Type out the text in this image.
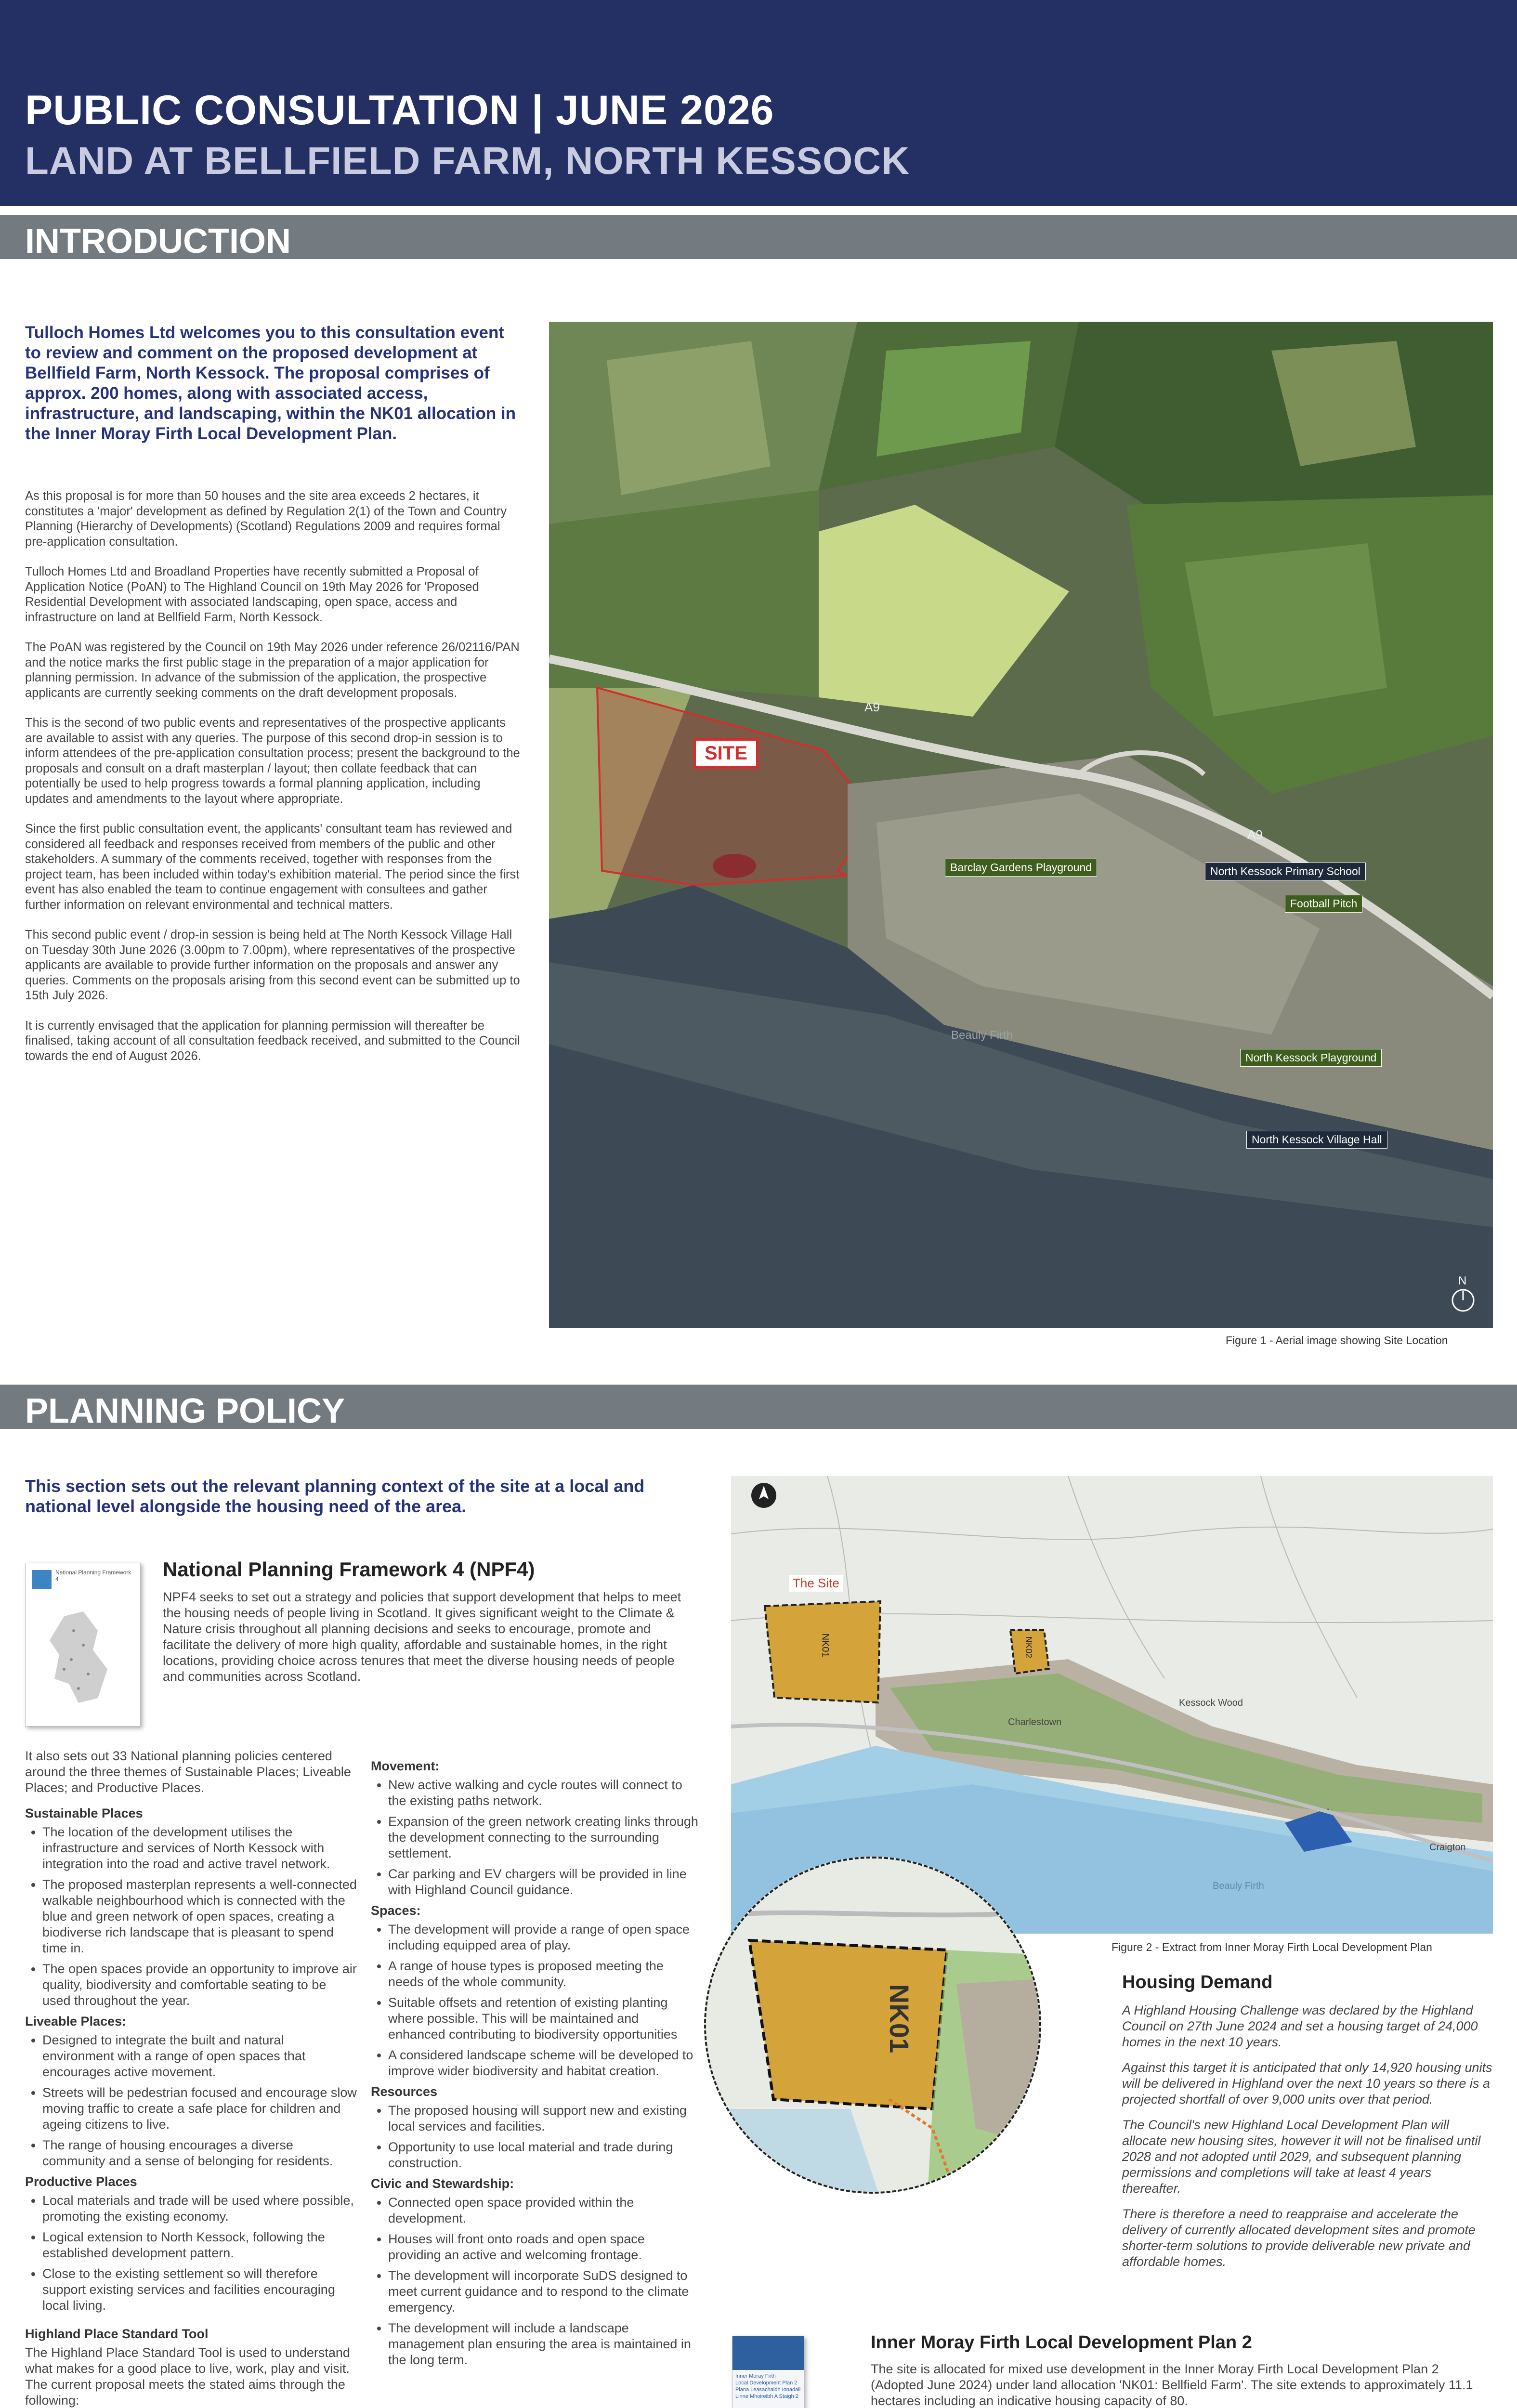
PUBLIC CONSULTATION | JUNE 2026
LAND AT BELLFIELD FARM, NORTH KESSOCK
INTRODUCTION
Tulloch Homes Ltd welcomes you to this consultation event to review and comment on the proposed development at Bellfield Farm, North Kessock. The proposal comprises of approx. 200 homes, along with associated access, infrastructure, and landscaping, within the NK01 allocation in the Inner Moray Firth Local Development Plan.

As this proposal is for more than 50 houses and the site area exceeds 2 hectares, it constitutes a 'major' development as defined by Regulation 2(1) of the Town and Country Planning (Hierarchy of Developments) (Scotland) Regulations 2009 and requires formal pre-application consultation.

Tulloch Homes Ltd and Broadland Properties have recently submitted a Proposal of Application Notice (PoAN) to The Highland Council on 19th May 2026 for 'Proposed Residential Development with associated landscaping, open space, access and infrastructure on land at Bellfield Farm, North Kessock.

The PoAN was registered by the Council on 19th May 2026 under reference 26/02116/PAN and the notice marks the first public stage in the preparation of a major application for planning permission. In advance of the submission of the application, the prospective applicants are currently seeking comments on the draft development proposals.

This is the second of two public events and representatives of the prospective applicants are available to assist with any queries. The purpose of this second drop-in session is to inform attendees of the pre-application consultation process; present the background to the proposals and consult on a draft masterplan / layout; then collate feedback that can potentially be used to help progress towards a formal planning application, including updates and amendments to the layout where appropriate.

Since the first public consultation event, the applicants' consultant team has reviewed and considered all feedback and responses received from members of the public and other stakeholders. A summary of the comments received, together with responses from the project team, has been included within today's exhibition material. The period since the first event has also enabled the team to continue engagement with consultees and gather further information on relevant environmental and technical matters.

This second public event / drop-in session is being held at The North Kessock Village Hall on Tuesday 30th June 2026 (3.00pm to 7.00pm), where representatives of the prospective applicants are available to provide further information on the proposals and answer any queries. Comments on the proposals arising from this second event can be submitted up to 15th July 2026.

It is currently envisaged that the application for planning permission will thereafter be finalised, taking account of all consultation feedback received, and submitted to the Council towards the end of August 2026.

SITE
A9
A9
Barclay Gardens Playground	North Kessock Primary School
Football Pitch
Beauly Firth
North Kessock Playground
North Kessock Village Hall
N
Figure 1 - Aerial image showing Site Location
PLANNING POLICY
This section sets out the relevant planning context of the site at a local and national level alongside the housing need of the area.
National Planning Framework 4	National Planning Framework 4 (NPF4)
NPF4 seeks to set out a strategy and policies that support development that helps to meet the housing needs of people living in Scotland. It gives significant weight to the Climate & Nature crisis throughout all planning decisions and seeks to encourage, promote and facilitate the delivery of more high quality, affordable and sustainable homes, in the right locations, providing choice across tenures that meet the diverse housing needs of people and communities across Scotland.

It also sets out 33 National planning policies centered around the three themes of Sustainable Places; Liveable Places; and Productive Places.

Sustainable Places
• The location of the development utilises the infrastructure and services of North Kessock with integration into the road and active travel network.
• The proposed masterplan represents a well-connected walkable neighbourhood which is connected with the blue and green network of open spaces, creating a biodiverse rich landscape that is pleasant to spend time in.
• The open spaces provide an opportunity to improve air quality, biodiversity and comfortable seating to be used throughout the year.
Liveable Places:
• Designed to integrate the built and natural environment with a range of open spaces that encourages active movement.
• Streets will be pedestrian focused and encourage slow moving traffic to create a safe place for children and ageing citizens to live.
• The range of housing encourages a diverse community and a sense of belonging for residents.
Productive Places
• Local materials and trade will be used where possible, promoting the existing economy.
• Logical extension to North Kessock, following the established development pattern.
• Close to the existing settlement so will therefore support existing services and facilities encouraging local living.
Highland Place Standard Tool

The Highland Place Standard Tool is used to understand what makes for a good place to live, work, play and visit. The current proposal meets the stated aims through the following:

Movement:
• New active walking and cycle routes will connect to the existing paths network.
• Expansion of the green network creating links through the development connecting to the surrounding settlement.
• Car parking and EV chargers will be provided in line with Highland Council guidance.
Spaces:
• The development will provide a range of open space including equipped area of play.
• A range of house types is proposed meeting the needs of the whole community.
• Suitable offsets and retention of existing planting where possible. This will be maintained and enhanced contributing to biodiversity opportunities
• A considered landscape scheme will be developed to improve wider biodiversity and habitat creation.
Resources
• The proposed housing will support new and existing local services and facilities.
• Opportunity to use local material and trade during construction.
Civic and Stewardship:
• Connected open space provided within the development.
• Houses will front onto roads and open space providing an active and welcoming frontage.
• The development will incorporate SuDS designed to meet current guidance and to respond to the climate emergency.
• The development will include a landscape management plan ensuring the area is maintained in the long term.
The Site
NK01	NK02
Kessock Wood
Charlestown
Craigton
Beauly Firth
Figure 2 - Extract from Inner Moray Firth Local Development Plan
NK01
Housing Demand

A Highland Housing Challenge was declared by the Highland Council on 27th June 2024 and set a housing target of 24,000 homes in the next 10 years.

Against this target it is anticipated that only 14,920 housing units will be delivered in Highland over the next 10 years so there is a projected shortfall of over 9,000 units over that period.

The Council's new Highland Local Development Plan will allocate new housing sites, however it will not be finalised until 2028 and not adopted until 2029, and subsequent planning permissions and completions will take at least 4 years thereafter.

There is therefore a need to reappraise and accelerate the delivery of currently allocated development sites and promote shorter-term solutions to provide deliverable new private and affordable homes.

Inner Moray Firth
Local Development Plan 2
Plana Leasachaidh Ionadail
Linne Mhoireibh A Staigh 2
Inner Moray Firth Local Development Plan 2

The site is allocated for mixed use development in the Inner Moray Firth Local Development Plan 2 (Adopted June 2024) under land allocation 'NK01: Bellfield Farm'. The site extends to approximately 11.1 hectares including an indicative housing capacity of 80.
